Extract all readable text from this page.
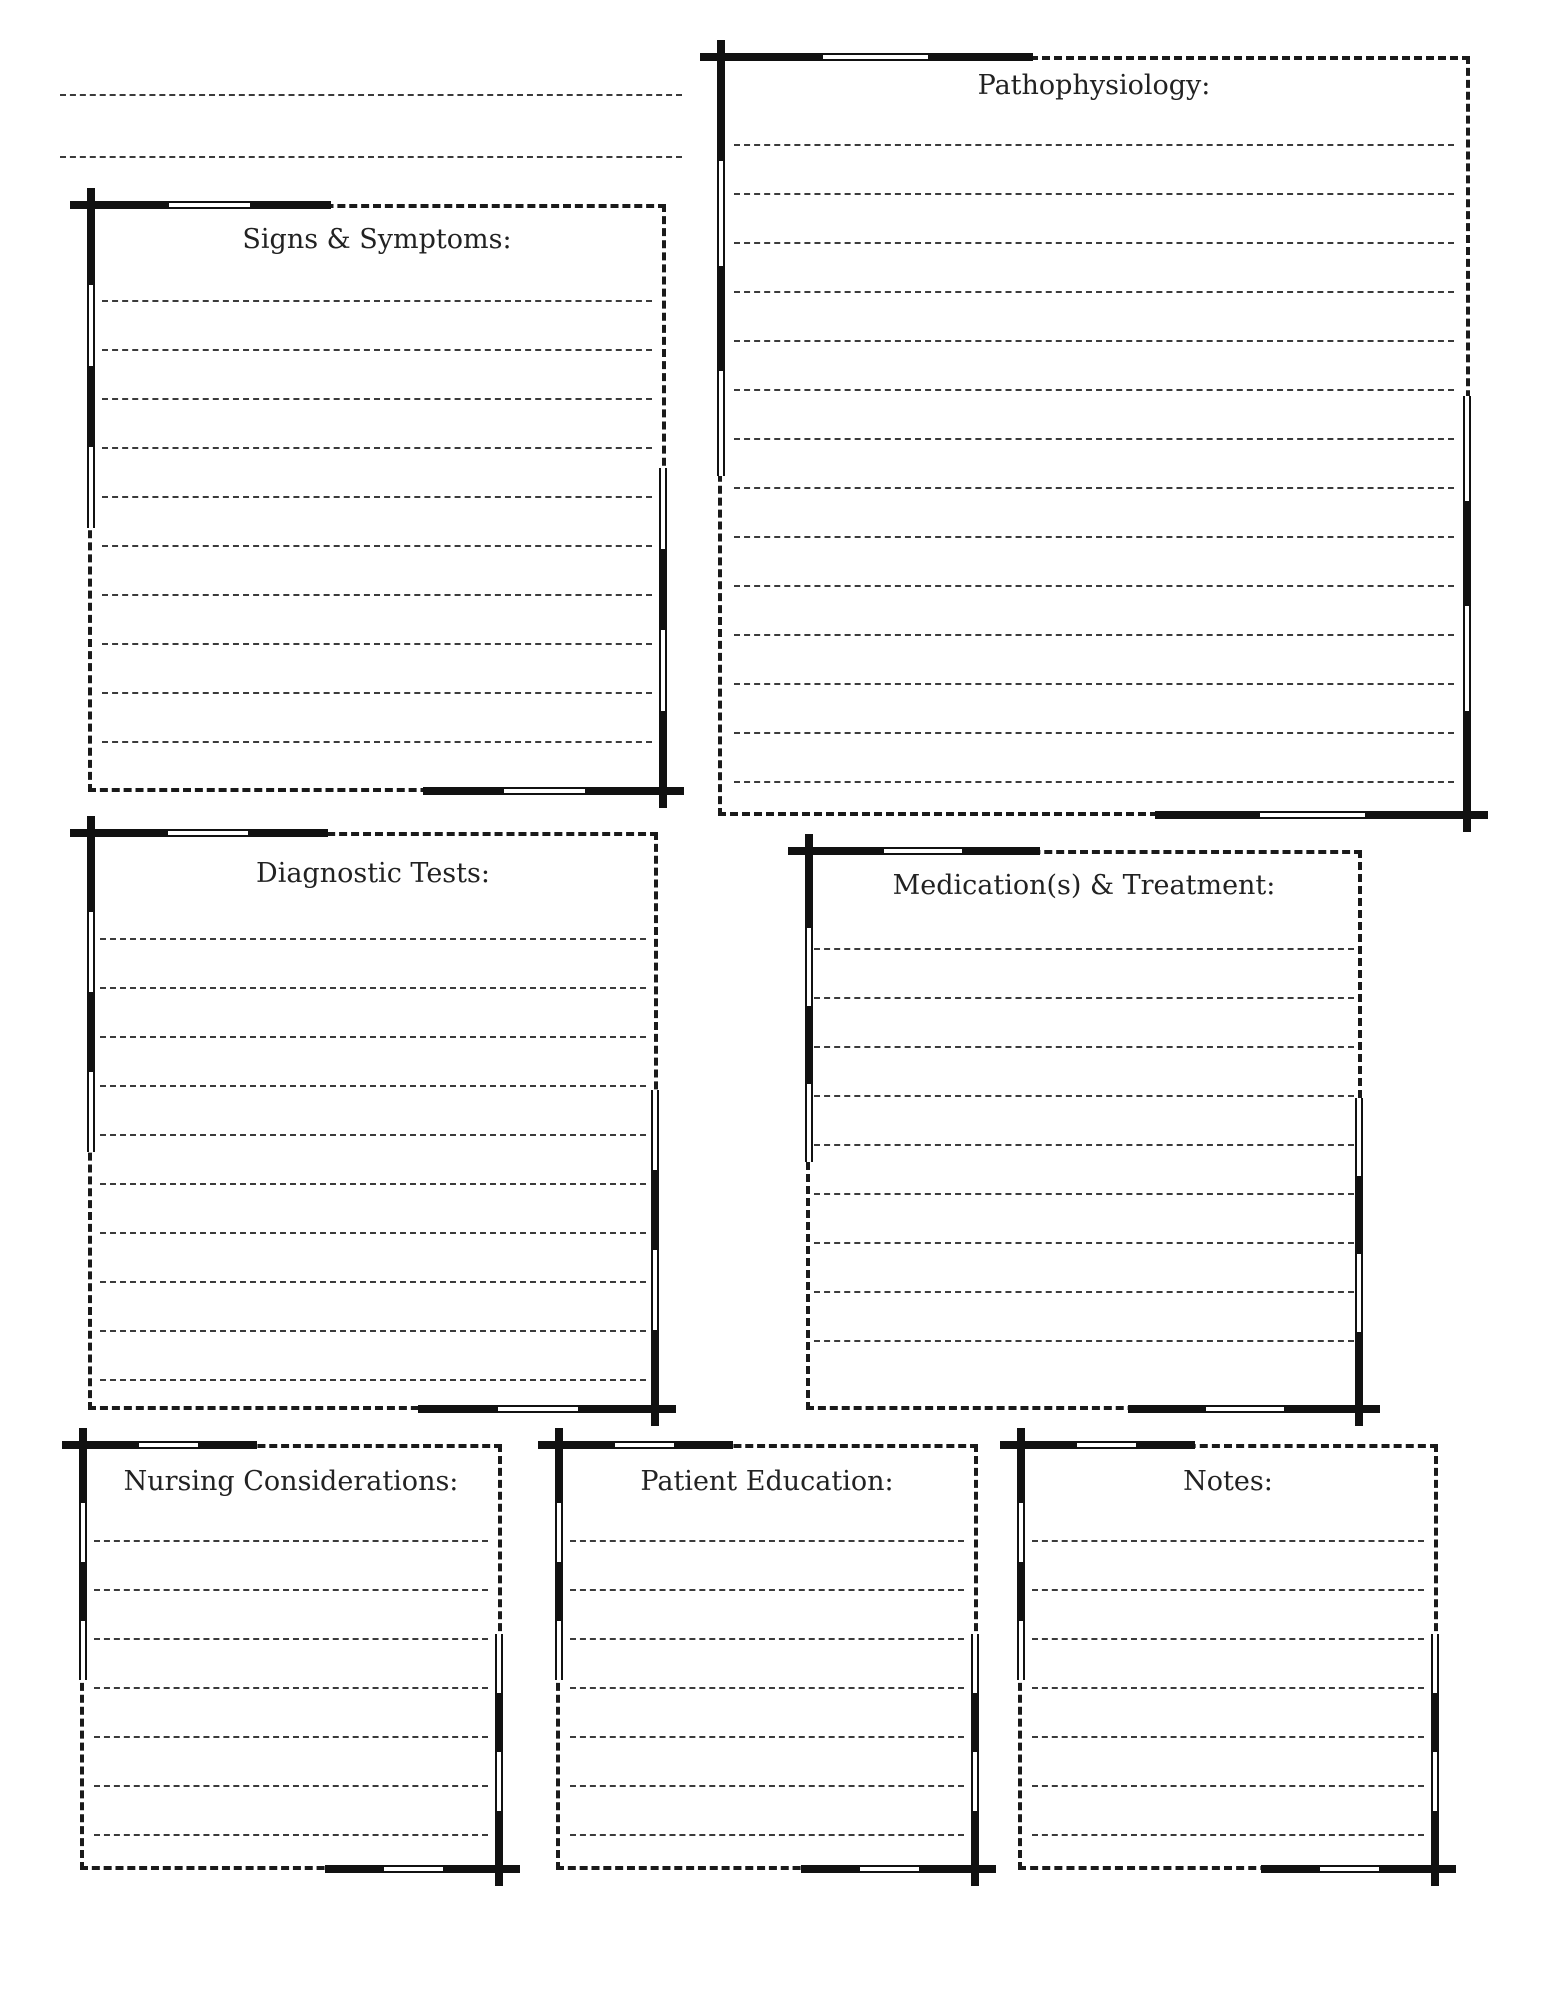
Pathophysiology:
Signs & Symptoms:
Diagnostic Tests:	Medication(s) & Treatment:
Nursing Considerations:	Patient Education:	Notes:
